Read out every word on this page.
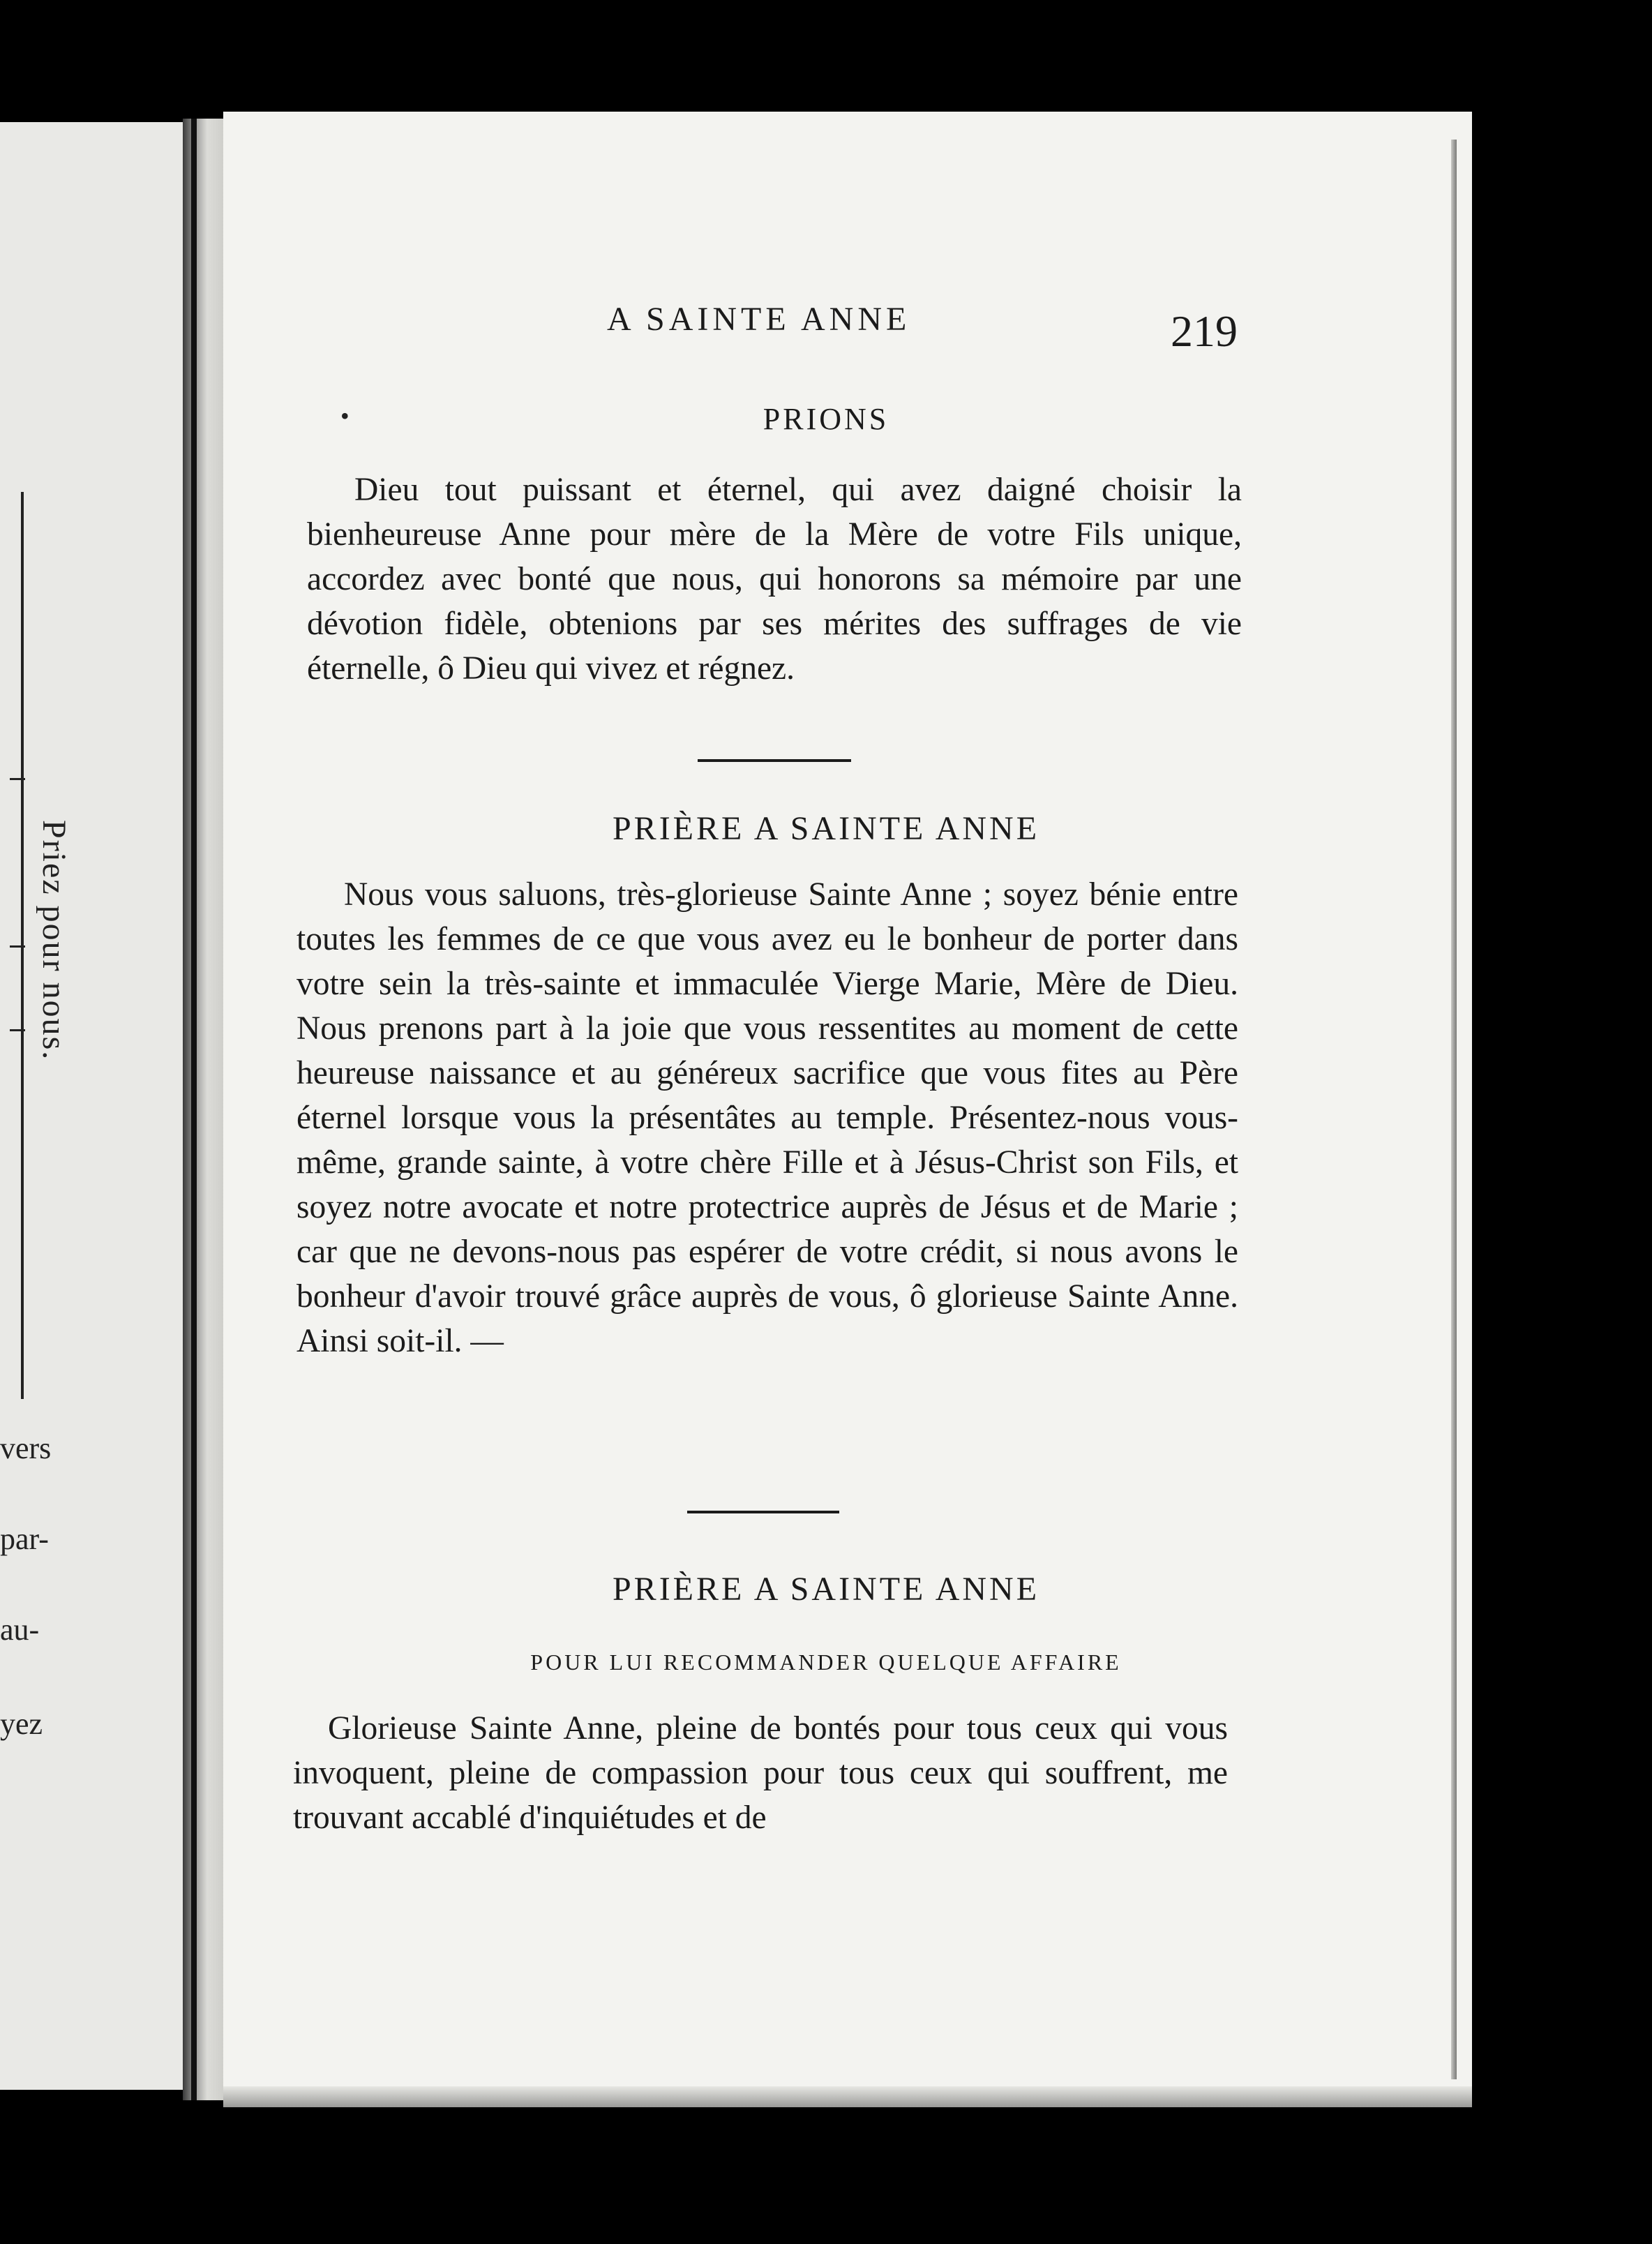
Priez pour nous.
vers
par-
au-
yez
A SAINTE ANNE	219
•	PRIONS

Dieu tout puissant et éternel, qui avez daigné choisir la bienheureuse Anne pour mère de la Mère de votre Fils unique, accordez avec bonté que nous, qui honorons sa mémoire par une dévotion fidèle, obtenions par ses mérites des suffrages de vie éternelle, ô Dieu qui vivez et régnez.

PRIÈRE A SAINTE ANNE

Nous vous saluons, très-glorieuse Sainte Anne ; soyez bénie entre toutes les femmes de ce que vous avez eu le bonheur de porter dans votre sein la très-sainte et immaculée Vierge Marie, Mère de Dieu. Nous prenons part à la joie que vous ressentites au moment de cette heureuse naissance et au généreux sacrifice que vous fites au Père éternel lorsque vous la présentâtes au temple. Présentez-nous vous-même, grande sainte, à votre chère Fille et à Jésus-Christ son Fils, et soyez notre avocate et notre protectrice auprès de Jésus et de Marie ; car que ne devons-nous pas espérer de votre crédit, si nous avons le bonheur d'avoir trouvé grâce auprès de vous, ô glorieuse Sainte Anne. Ainsi soit-il. —

PRIÈRE A SAINTE ANNE
POUR LUI RECOMMANDER QUELQUE AFFAIRE

Glorieuse Sainte Anne, pleine de bontés pour tous ceux qui vous invoquent, pleine de compassion pour tous ceux qui souffrent, me trouvant accablé d'inquiétudes et de
